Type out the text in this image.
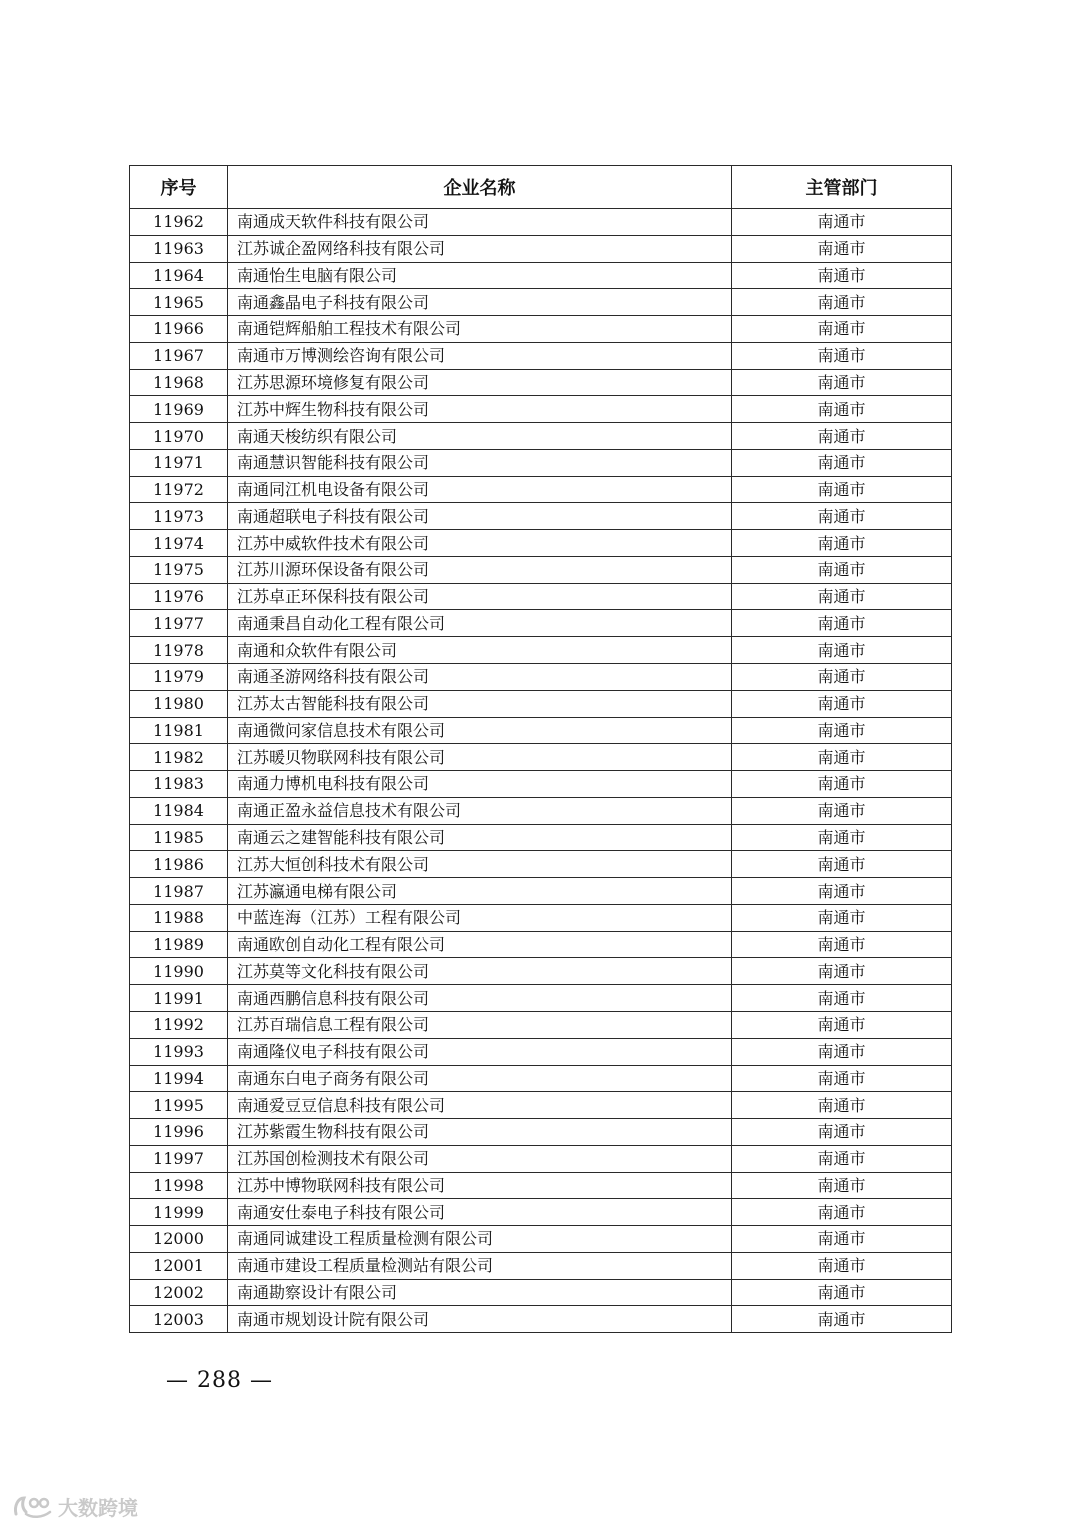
序号	企业名称	主管部门
11962	南通成天软件科技有限公司	南通市
11963	江苏诚企盈网络科技有限公司	南通市
11964	南通怡生电脑有限公司	南通市
11965	南通鑫晶电子科技有限公司	南通市
11966	南通铠辉船舶工程技术有限公司	南通市
11967	南通市万博测绘咨询有限公司	南通市
11968	江苏思源环境修复有限公司	南通市
11969	江苏中辉生物科技有限公司	南通市
11970	南通天梭纺织有限公司	南通市
11971	南通慧识智能科技有限公司	南通市
11972	南通同江机电设备有限公司	南通市
11973	南通超联电子科技有限公司	南通市
11974	江苏中威软件技术有限公司	南通市
11975	江苏川源环保设备有限公司	南通市
11976	江苏卓正环保科技有限公司	南通市
11977	南通秉昌自动化工程有限公司	南通市
11978	南通和众软件有限公司	南通市
11979	南通圣游网络科技有限公司	南通市
11980	江苏太古智能科技有限公司	南通市
11981	南通微问家信息技术有限公司	南通市
11982	江苏暖贝物联网科技有限公司	南通市
11983	南通力博机电科技有限公司	南通市
11984	南通正盈永益信息技术有限公司	南通市
11985	南通云之建智能科技有限公司	南通市
11986	江苏大恒创科技术有限公司	南通市
11987	江苏瀛通电梯有限公司	南通市
11988	中蓝连海（江苏）工程有限公司	南通市
11989	南通欧创自动化工程有限公司	南通市
11990	江苏莫等文化科技有限公司	南通市
11991	南通西鹏信息科技有限公司	南通市
11992	江苏百瑞信息工程有限公司	南通市
11993	南通隆仪电子科技有限公司	南通市
11994	南通东白电子商务有限公司	南通市
11995	南通爱豆豆信息科技有限公司	南通市
11996	江苏紫霞生物科技有限公司	南通市
11997	江苏国创检测技术有限公司	南通市
11998	江苏中博物联网科技有限公司	南通市
11999	南通安仕泰电子科技有限公司	南通市
12000	南通同诚建设工程质量检测有限公司	南通市
12001	南通市建设工程质量检测站有限公司	南通市
12002	南通勘察设计有限公司	南通市
12003	南通市规划设计院有限公司	南通市
— 288 —
大数跨境
